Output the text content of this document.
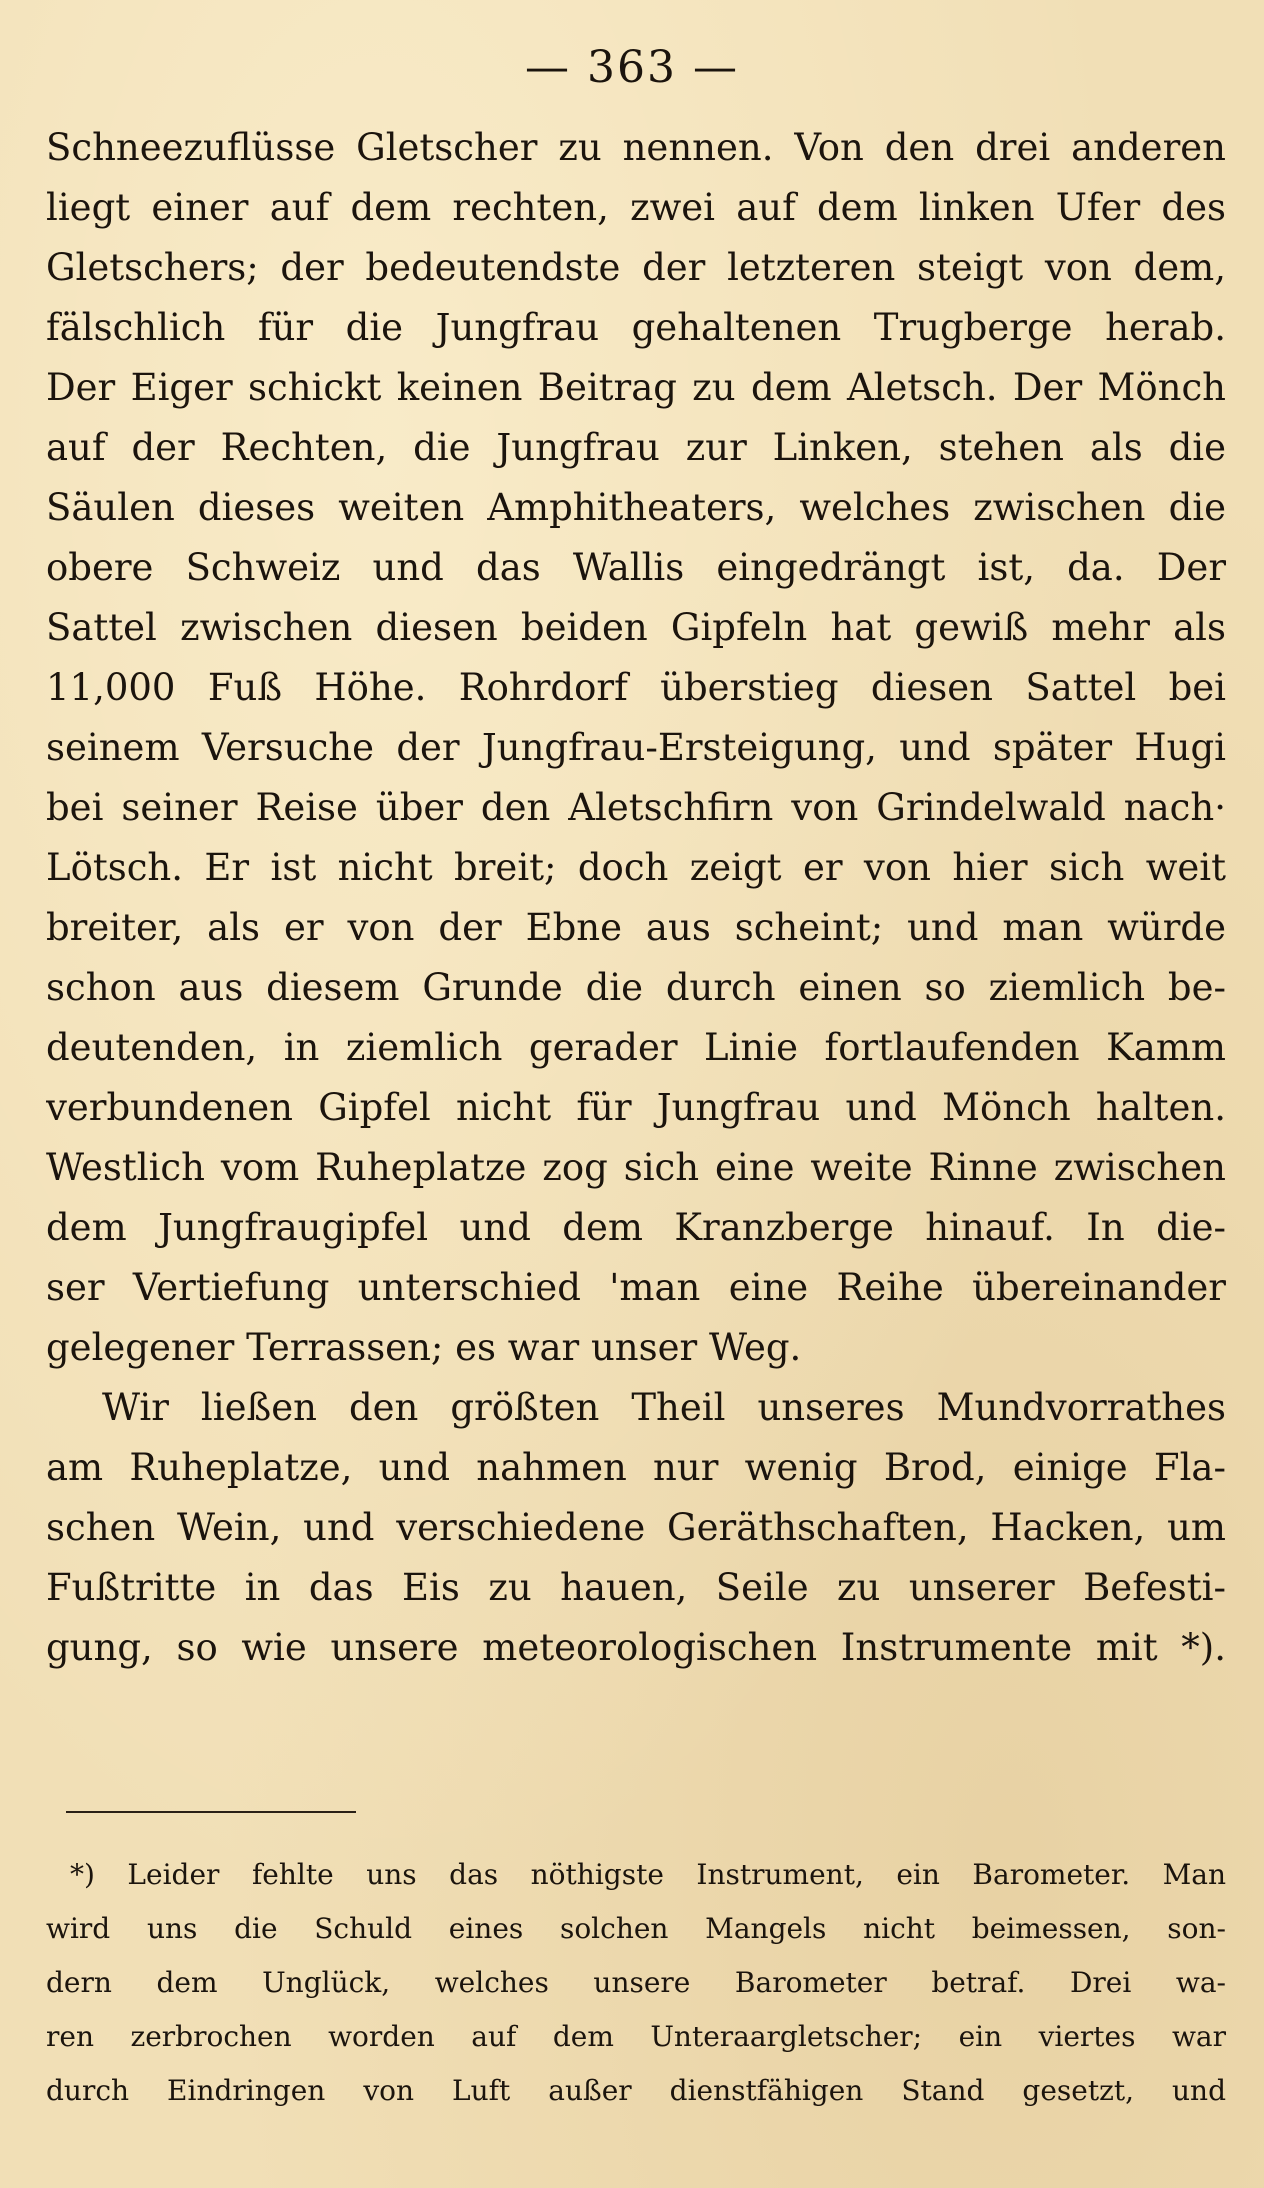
— 363 —
Schneezuflüsse Gletscher zu nennen. Von den drei anderen
liegt einer auf dem rechten, zwei auf dem linken Ufer des
Gletschers; der bedeutendste der letzteren steigt von dem,
fälschlich für die Jungfrau gehaltenen Trugberge herab.
Der Eiger schickt keinen Beitrag zu dem Aletsch. Der Mönch
auf der Rechten, die Jungfrau zur Linken, stehen als die
Säulen dieses weiten Amphitheaters, welches zwischen die
obere Schweiz und das Wallis eingedrängt ist, da. Der
Sattel zwischen diesen beiden Gipfeln hat gewiß mehr als
11,000 Fuß Höhe. Rohrdorf überstieg diesen Sattel bei
seinem Versuche der Jungfrau-Ersteigung, und später Hugi
bei seiner Reise über den Aletschfirn von Grindelwald nach·
Lötsch. Er ist nicht breit; doch zeigt er von hier sich weit
breiter, als er von der Ebne aus scheint; und man würde
schon aus diesem Grunde die durch einen so ziemlich be-
deutenden, in ziemlich gerader Linie fortlaufenden Kamm
verbundenen Gipfel nicht für Jungfrau und Mönch halten.
Westlich vom Ruheplatze zog sich eine weite Rinne zwischen
dem Jungfraugipfel und dem Kranzberge hinauf. In die-
ser Vertiefung unterschied 'man eine Reihe übereinander
gelegener Terrassen; es war unser Weg.
Wir ließen den größten Theil unseres Mundvorrathes
am Ruheplatze, und nahmen nur wenig Brod, einige Fla-
schen Wein, und verschiedene Geräthschaften, Hacken, um
Fußtritte in das Eis zu hauen, Seile zu unserer Befesti-
gung, so wie unsere meteorologischen Instrumente mit *).
*) Leider fehlte uns das nöthigste Instrument, ein Barometer. Man
wird uns die Schuld eines solchen Mangels nicht beimessen, son-
dern dem Unglück, welches unsere Barometer betraf. Drei wa-
ren zerbrochen worden auf dem Unteraargletscher; ein viertes war
durch Eindringen von Luft außer dienstfähigen Stand gesetzt, und
